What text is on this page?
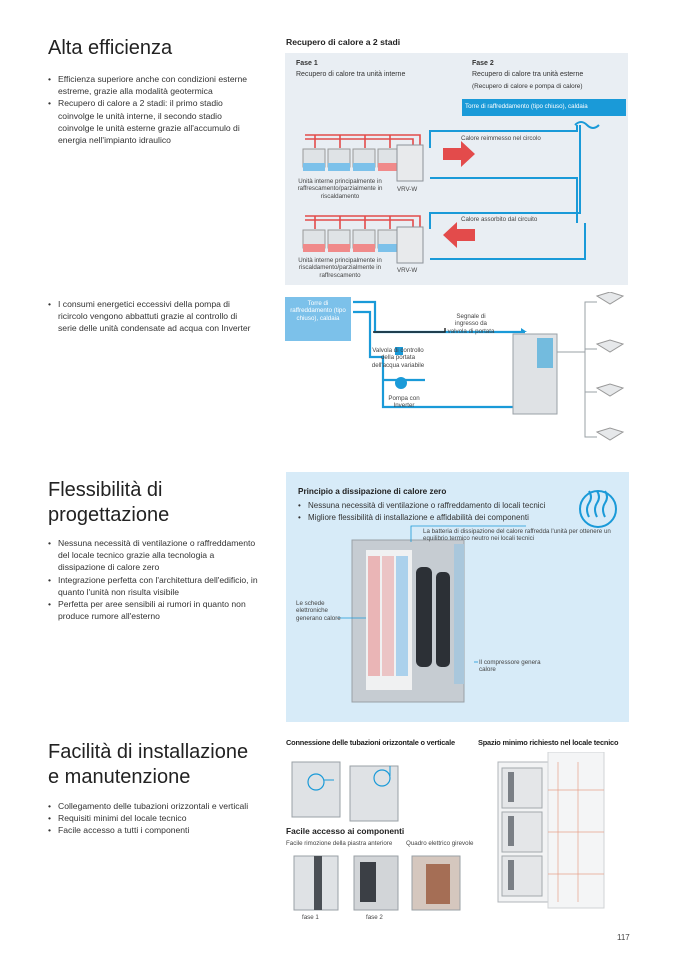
Alta efficienza
• Efficienza superiore anche con condizioni esterne estreme, grazie alla modalità geotermica
• Recupero di calore a 2 stadi: il primo stadio coinvolge le unità interne, il secondo stadio coinvolge le unità esterne grazie all'accumulo di energia nell'impianto idraulico
• I consumi energetici eccessivi della pompa di ricircolo vengono abbattuti grazie al controllo di serie delle unità condensate ad acqua con Inverter
Recupero di calore a 2 stadi
Fase 1
Recupero di calore tra unità interne
Fase 2
Recupero di calore tra unità esterne
(Recupero di calore e pompa di calore)
Torre di raffreddamento (tipo chiuso), caldaia
Calore reimmesso nel circolo
Calore assorbito dal circuito
Unità interne principalmente in raffrescamento/parzialmente in riscaldamento
Unità interne principalmente in riscaldamento/parzialmente in raffrescamento
VRV-W
VRV-W
Torre di raffreddamento (tipo chiuso), caldaia	Segnale di ingresso da valvola di portata
Valvola di controllo della portata dell'acqua variabile
Pompa con Inverter
Flessibilità di
progettazione
• Nessuna necessità di ventilazione o raffreddamento del locale tecnico grazie alla tecnologia a dissipazione di calore zero
• Integrazione perfetta con l'architettura dell'edificio, in quanto l'unità non risulta visibile
• Perfetta per aree sensibili ai rumori in quanto non produce rumore all'esterno
Principio a dissipazione di calore zero
• Nessuna necessità di ventilazione o raffreddamento di locali tecnici
• Migliore flessibilità di installazione e affidabilità dei componenti
La batteria di dissipazione del calore raffredda l'unità per ottenere un equilibrio termico neutro nei locali tecnici
Le schede elettroniche generano calore
Il compressore genera calore
Facilità di installazione
e manutenzione
• Collegamento delle tubazioni orizzontali e verticali
• Requisiti minimi del locale tecnico
• Facile accesso a tutti i componenti
Connessione delle tubazioni orizzontale o verticale	Spazio minimo richiesto nel locale tecnico
Facile accesso ai componenti
Facile rimozione della piastra anteriore Quadro elettrico girevole
fase 1	fase 2
117
